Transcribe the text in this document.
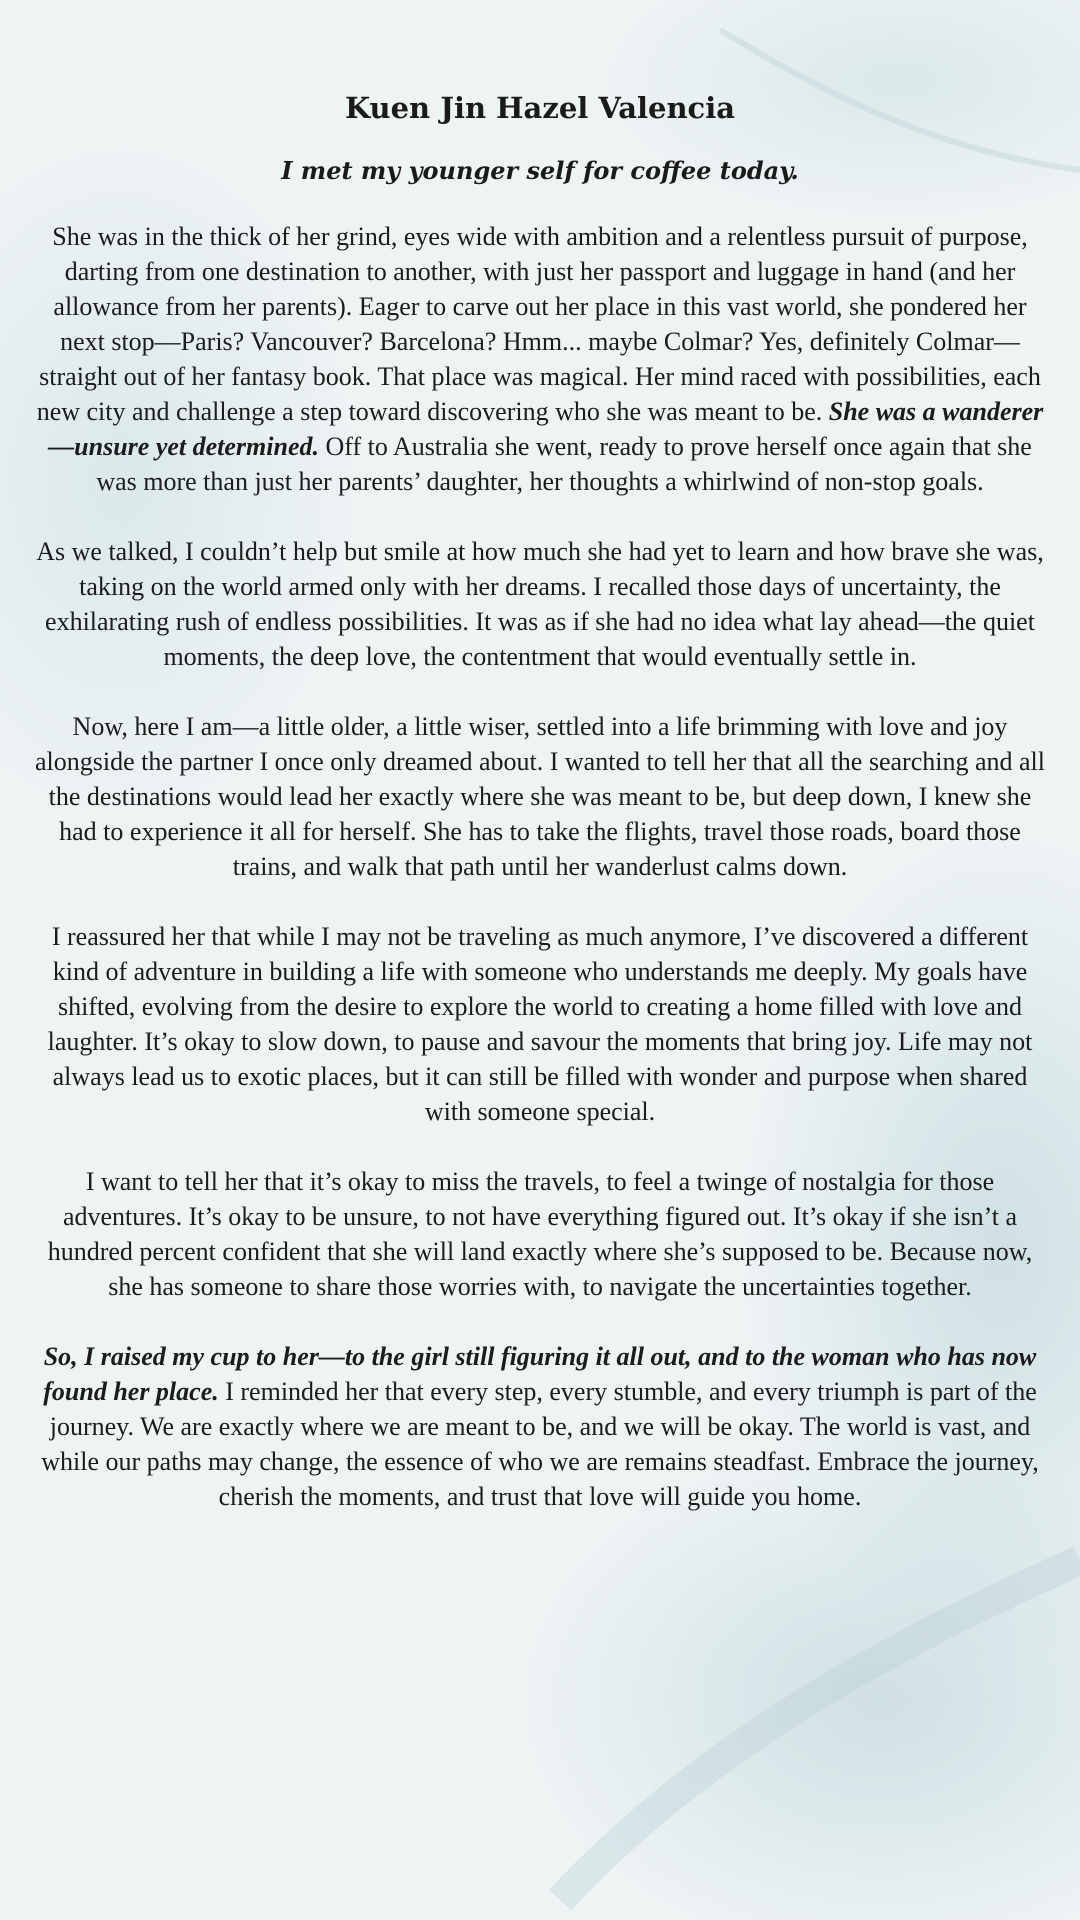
Kuen Jin Hazel Valencia
I met my younger self for coffee today.

She was in the thick of her grind, eyes wide with ambition and a relentless pursuit of purpose, darting from one destination to another, with just her passport and luggage in hand (and her allowance from her parents). Eager to carve out her place in this vast world, she pondered her next stop—Paris? Vancouver? Barcelona? Hmm... maybe Colmar? Yes, definitely Colmar—straight out of her fantasy book. That place was magical. Her mind raced with possibilities, each new city and challenge a step toward discovering who she was meant to be. She was a wanderer—unsure yet determined. Off to Australia she went, ready to prove herself once again that she was more than just her parents’ daughter, her thoughts a whirlwind of non-stop goals.

As we talked, I couldn’t help but smile at how much she had yet to learn and how brave she was, taking on the world armed only with her dreams. I recalled those days of uncertainty, the exhilarating rush of endless possibilities. It was as if she had no idea what lay ahead—the quiet moments, the deep love, the contentment that would eventually settle in.

Now, here I am—a little older, a little wiser, settled into a life brimming with love and joy alongside the partner I once only dreamed about. I wanted to tell her that all the searching and all the destinations would lead her exactly where she was meant to be, but deep down, I knew she had to experience it all for herself. She has to take the flights, travel those roads, board those trains, and walk that path until her wanderlust calms down.

I reassured her that while I may not be traveling as much anymore, I’ve discovered a different kind of adventure in building a life with someone who understands me deeply. My goals have shifted, evolving from the desire to explore the world to creating a home filled with love and laughter. It’s okay to slow down, to pause and savour the moments that bring joy. Life may not always lead us to exotic places, but it can still be filled with wonder and purpose when shared with someone special.

I want to tell her that it’s okay to miss the travels, to feel a twinge of nostalgia for those adventures. It’s okay to be unsure, to not have everything figured out. It’s okay if she isn’t a hundred percent confident that she will land exactly where she’s supposed to be. Because now, she has someone to share those worries with, to navigate the uncertainties together.

So, I raised my cup to her—to the girl still figuring it all out, and to the woman who has now found her place. I reminded her that every step, every stumble, and every triumph is part of the journey. We are exactly where we are meant to be, and we will be okay. The world is vast, and while our paths may change, the essence of who we are remains steadfast. Embrace the journey, cherish the moments, and trust that love will guide you home.
